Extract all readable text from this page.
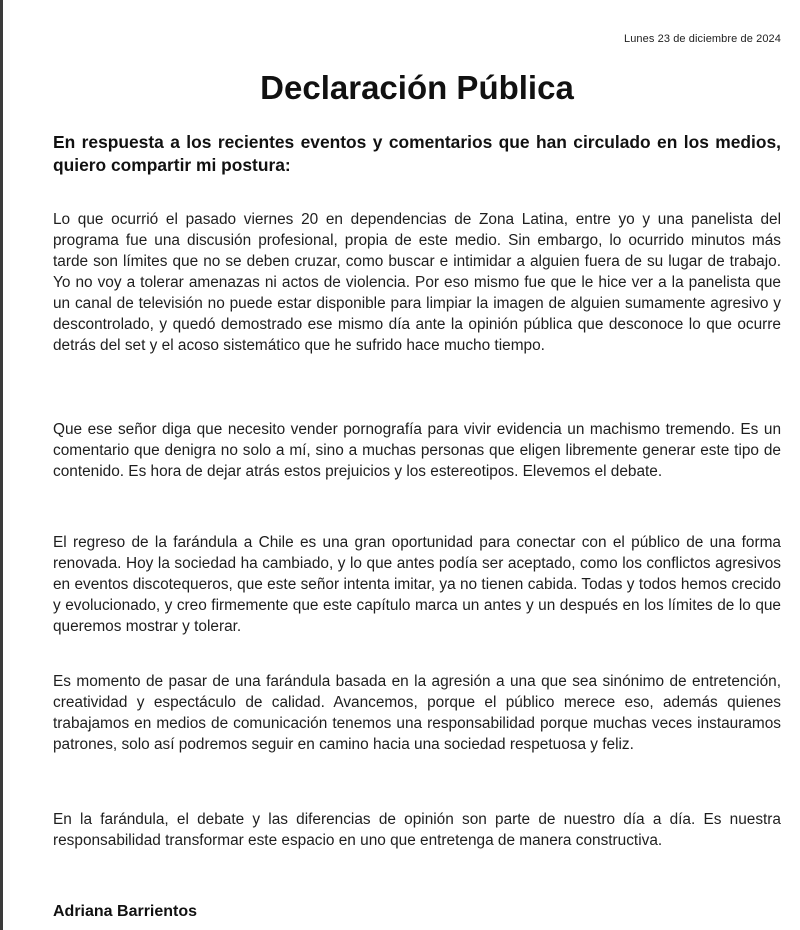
Lunes 23 de diciembre de 2024
Declaración Pública

En respuesta a los recientes eventos y comentarios que han circulado en los medios, quiero compartir mi postura:

Lo que ocurrió el pasado viernes 20 en dependencias de Zona Latina, entre yo y una panelista del programa fue una discusión profesional, propia de este medio. Sin embargo, lo ocurrido minutos más tarde son límites que no se deben cruzar, como buscar e intimidar a alguien fuera de su lugar de trabajo. Yo no voy a tolerar amenazas ni actos de violencia. Por eso mismo fue que le hice ver a la panelista que un canal de televisión no puede estar disponible para limpiar la imagen de alguien sumamente agresivo y descontrolado, y quedó demostrado ese mismo día ante la opinión pública que desconoce lo que ocurre detrás del set y el acoso sistemático que he sufrido hace mucho tiempo.

Que ese señor diga que necesito vender pornografía para vivir evidencia un machismo tremendo. Es un comentario que denigra no solo a mí, sino a muchas personas que eligen libremente generar este tipo de contenido. Es hora de dejar atrás estos prejuicios y los estereotipos. Elevemos el debate.

El regreso de la farándula a Chile es una gran oportunidad para conectar con el público de una forma renovada. Hoy la sociedad ha cambiado, y lo que antes podía ser aceptado, como los conflictos agresivos en eventos discotequeros, que este señor intenta imitar, ya no tienen cabida. Todas y todos hemos crecido y evolucionado, y creo firmemente que este capítulo marca un antes y un después en los límites de lo que queremos mostrar y tolerar.

Es momento de pasar de una farándula basada en la agresión a una que sea sinónimo de entretención, creatividad y espectáculo de calidad. Avancemos, porque el público merece eso, además quienes trabajamos en medios de comunicación tenemos una responsabilidad porque muchas veces instauramos patrones, solo así podremos seguir en camino hacia una sociedad respetuosa y feliz.

En la farándula, el debate y las diferencias de opinión son parte de nuestro día a día. Es nuestra responsabilidad transformar este espacio en uno que entretenga de manera constructiva.

Adriana Barrientos
